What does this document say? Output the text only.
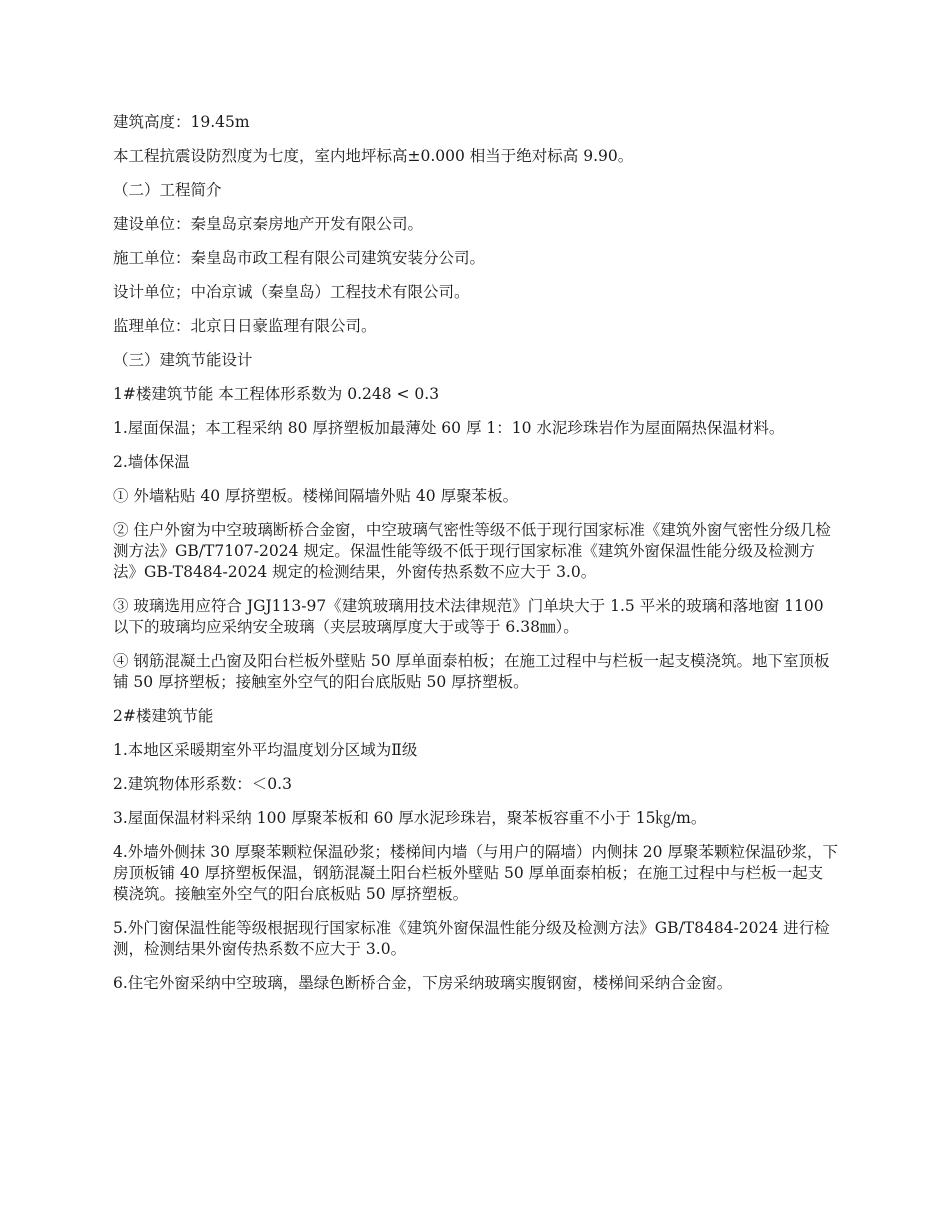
建筑高度：19.45m

本工程抗震设防烈度为七度，室内地坪标高±0.000 相当于绝对标高 9.90。

（二）工程简介

建设单位：秦皇岛京秦房地产开发有限公司。

施工单位：秦皇岛市政工程有限公司建筑安装分公司。

设计单位；中冶京诚（秦皇岛）工程技术有限公司。

监理单位：北京日日豪监理有限公司。

（三）建筑节能设计

1#楼建筑节能 本工程体形系数为 0.248 < 0.3

1.屋面保温；本工程采纳 80 厚挤塑板加最薄处 60 厚 1：10 水泥珍珠岩作为屋面隔热保温材料。

2.墙体保温

① 外墙粘贴 40 厚挤塑板。楼梯间隔墙外贴 40 厚聚苯板。

② 住户外窗为中空玻璃断桥合金窗，中空玻璃气密性等级不低于现行国家标准《建筑外窗气密性分级几检测方法》GB/T7107-2024 规定。保温性能等级不低于现行国家标准《建筑外窗保温性能分级及检测方法》GB-T8484-2024 规定的检测结果，外窗传热系数不应大于 3.0。

③ 玻璃选用应符合 JGJ113-97《建筑玻璃用技术法律规范》门单块大于 1.5 平米的玻璃和落地窗 1100 以下的玻璃均应采纳安全玻璃（夹层玻璃厚度大于或等于 6.38㎜）。

④ 钢筋混凝土凸窗及阳台栏板外壁贴 50 厚单面泰柏板；在施工过程中与栏板一起支模浇筑。地下室顶板铺 50 厚挤塑板；接触室外空气的阳台底版贴 50 厚挤塑板。

2#楼建筑节能

1.本地区采暖期室外平均温度划分区域为Ⅱ级

2.建筑物体形系数：＜0.3

3.屋面保温材料采纳 100 厚聚苯板和 60 厚水泥珍珠岩，聚苯板容重不小于 15㎏/m。

4.外墙外侧抹 30 厚聚苯颗粒保温砂浆；楼梯间内墙（与用户的隔墙）内侧抹 20 厚聚苯颗粒保温砂浆，下房顶板铺 40 厚挤塑板保温，钢筋混凝土阳台栏板外壁贴 50 厚单面泰柏板；在施工过程中与栏板一起支模浇筑。接触室外空气的阳台底板贴 50 厚挤塑板。

5.外门窗保温性能等级根据现行国家标准《建筑外窗保温性能分级及检测方法》GB/T8484-2024 进行检测，检测结果外窗传热系数不应大于 3.0。

6.住宅外窗采纳中空玻璃，墨绿色断桥合金，下房采纳玻璃实腹钢窗，楼梯间采纳合金窗。
